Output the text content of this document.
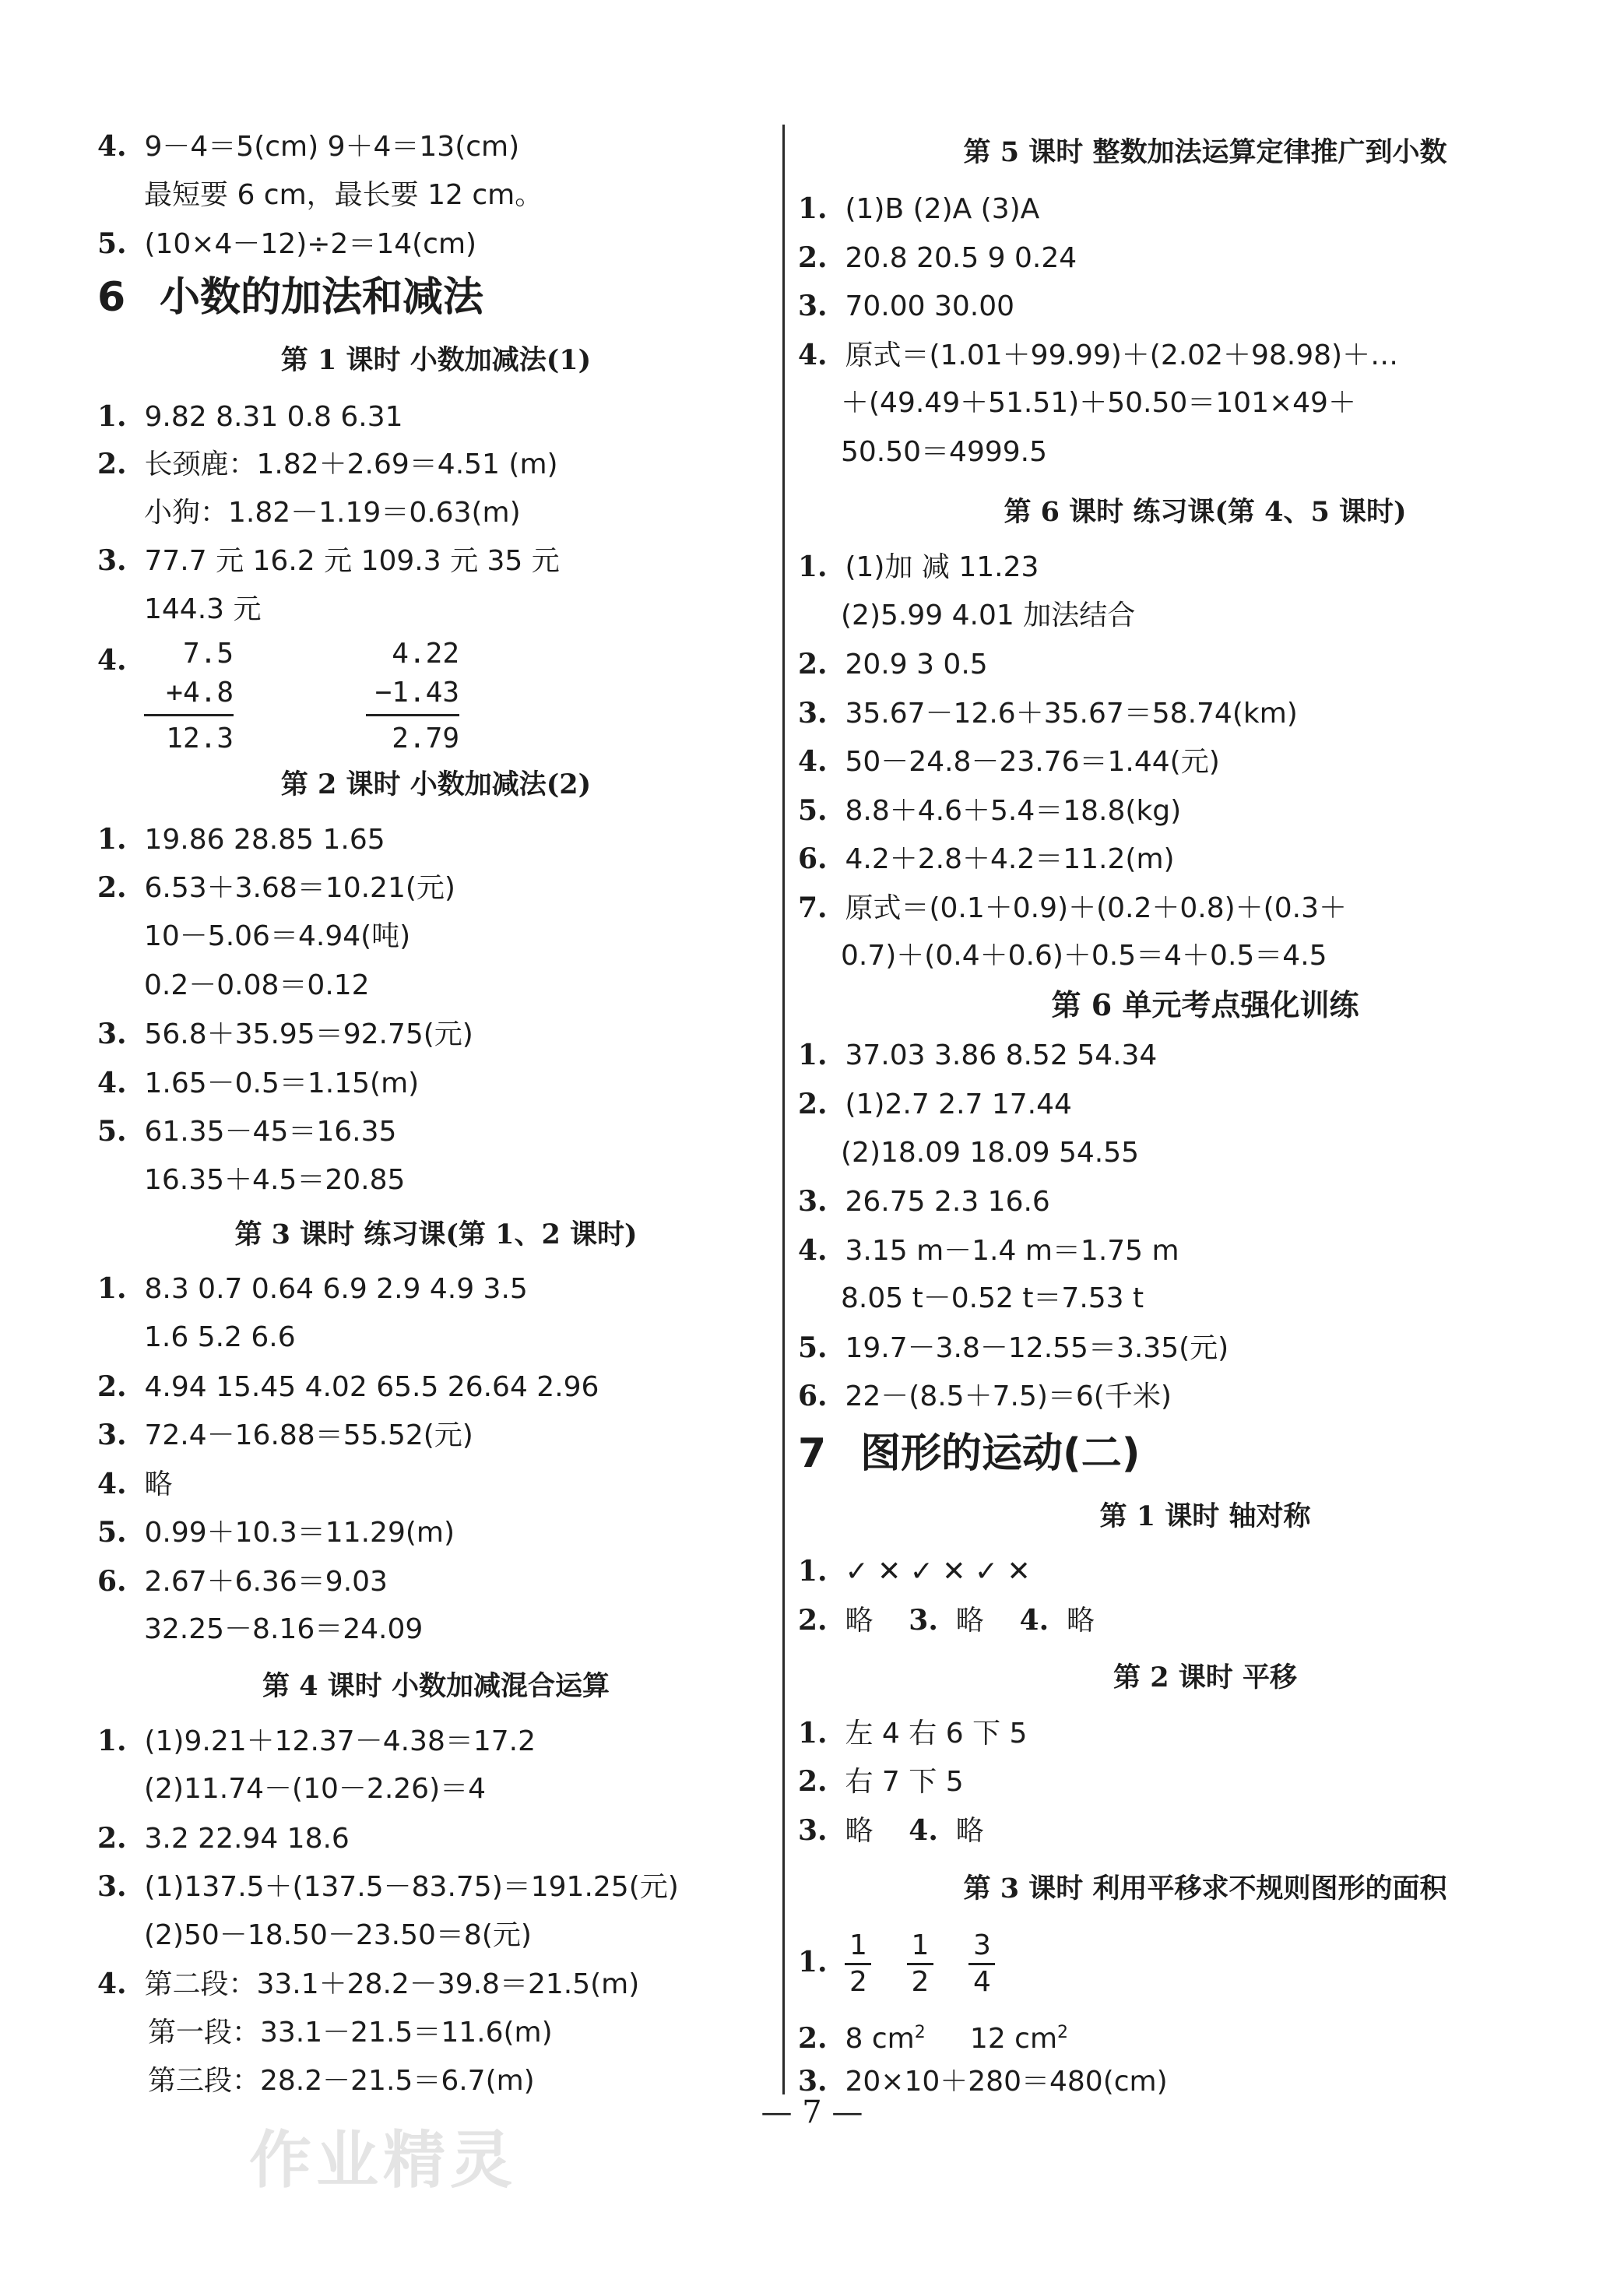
4. 9－4＝5(cm) 9＋4＝13(cm)
最短要 6 cm，最长要 12 cm。
5. (10×4－12)÷2＝14(cm)
6 小数的加法和减法
第 1 课时 小数加减法(1)
1. 9.82 8.31 0.8 6.31
2. 长颈鹿：1.82＋2.69＝4.51 (m)
小狗：1.82－1.19＝0.63(m)
3. 77.7 元 16.2 元 109.3 元 35 元
144.3 元
4.	7.5
+4.8
12.3
4.22
−1.43
2.79
第 2 课时 小数加减法(2)
1. 19.86 28.85 1.65
2. 6.53＋3.68＝10.21(元)
10－5.06＝4.94(吨)
0.2－0.08＝0.12
3. 56.8＋35.95＝92.75(元)
4. 1.65－0.5＝1.15(m)
5. 61.35－45＝16.35
16.35＋4.5＝20.85
第 3 课时 练习课(第 1、2 课时)
1. 8.3 0.7 0.64 6.9 2.9 4.9 3.5
1.6 5.2 6.6
2. 4.94 15.45 4.02 65.5 26.64 2.96
3. 72.4－16.88＝55.52(元)
4. 略
5. 0.99＋10.3＝11.29(m)
6. 2.67＋6.36＝9.03
32.25－8.16＝24.09
第 4 课时 小数加减混合运算
1. (1)9.21＋12.37－4.38＝17.2
(2)11.74－(10－2.26)＝4
2. 3.2 22.94 18.6
3. (1)137.5＋(137.5－83.75)＝191.25(元)
(2)50－18.50－23.50＝8(元)
4. 第二段：33.1＋28.2－39.8＝21.5(m)
第一段：33.1－21.5＝11.6(m)
第三段：28.2－21.5＝6.7(m)
第 5 课时 整数加法运算定律推广到小数
1. (1)B (2)A (3)A
2. 20.8 20.5 9 0.24
3. 70.00 30.00
4. 原式＝(1.01＋99.99)＋(2.02＋98.98)＋…
＋(49.49＋51.51)＋50.50＝101×49＋
50.50＝4999.5
第 6 课时 练习课(第 4、5 课时)
1. (1)加 减 11.23
(2)5.99 4.01 加法结合
2. 20.9 3 0.5
3. 35.67－12.6＋35.67＝58.74(km)
4. 50－24.8－23.76＝1.44(元)
5. 8.8＋4.6＋5.4＝18.8(kg)
6. 4.2＋2.8＋4.2＝11.2(m)
7. 原式＝(0.1＋0.9)＋(0.2＋0.8)＋(0.3＋
0.7)＋(0.4＋0.6)＋0.5＝4＋0.5＝4.5
第 6 单元考点强化训练
1. 37.03 3.86 8.52 54.34
2. (1)2.7 2.7 17.44
(2)18.09 18.09 54.55
3. 26.75 2.3 16.6
4. 3.15 m－1.4 m＝1.75 m
8.05 t－0.52 t＝7.53 t
5. 19.7－3.8－12.55＝3.35(元)
6. 22－(8.5＋7.5)＝6(千米)
7 图形的运动(二)
第 1 课时 轴对称
1. ✓ ✕ ✓ ✕ ✓ ✕
2. 略 3. 略 4. 略
第 2 课时 平移
1. 左 4 右 6 下 5
2. 右 7 下 5
3. 略 4. 略
第 3 课时 利用平移求不规则图形的面积
1. $\frac{1}{2}$
$\frac{1}{2}$
$\frac{3}{4}$
2. 8 $cm^2$ 12 $cm^2$
3. 20×10＋280＝480(cm)
— 7 —
作业精灵
